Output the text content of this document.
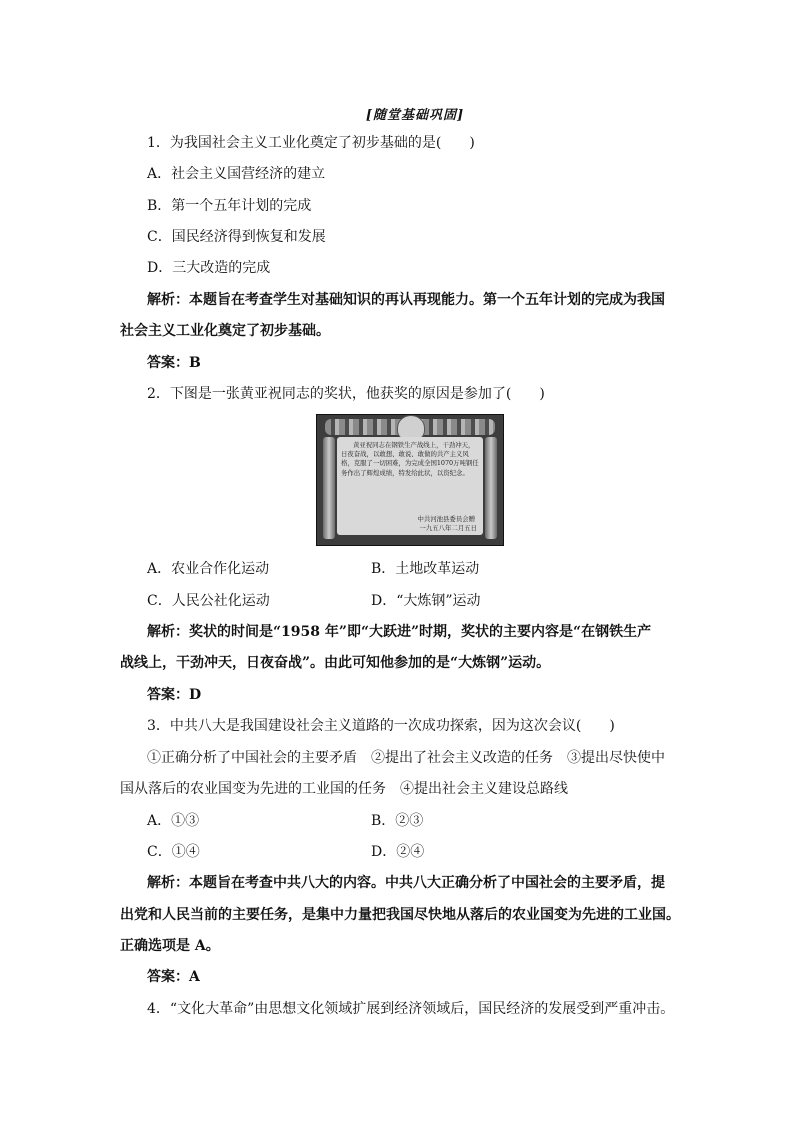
[随堂基础巩固]
1．为我国社会主义工业化奠定了初步基础的是(　　)
A．社会主义国营经济的建立
B．第一个五年计划的完成
C．国民经济得到恢复和发展
D．三大改造的完成
解析：本题旨在考查学生对基础知识的再认再现能力。第一个五年计划的完成为我国
社会主义工业化奠定了初步基础。
答案：B
2．下图是一张黄亚祝同志的奖状，他获奖的原因是参加了(　　)
黄亚祝同志在钢铁生产战线上，干劲冲天，日夜奋战，以敢想、敢说、敢做的共产主义风格，克服了一切困难，为完成全国1070万吨钢任务作出了辉煌成绩，特发给此状，以资纪念。
中共河池县委员会赠
一九五八年二月五日
A．农业合作化运动	B．土地改革运动
C．人民公社化运动	D．“大炼钢”运动
解析：奖状的时间是“1958 年”即“大跃进”时期，奖状的主要内容是“在钢铁生产
战线上，干劲冲天，日夜奋战”。由此可知他参加的是“大炼钢”运动。
答案：D
3．中共八大是我国建设社会主义道路的一次成功探索，因为这次会议(　　)
①正确分析了中国社会的主要矛盾　②提出了社会主义改造的任务　③提出尽快使中
国从落后的农业国变为先进的工业国的任务　④提出社会主义建设总路线
A．①③	B．②③
C．①④	D．②④
解析：本题旨在考查中共八大的内容。中共八大正确分析了中国社会的主要矛盾，提
出党和人民当前的主要任务，是集中力量把我国尽快地从落后的农业国变为先进的工业国。
正确选项是 A。
答案：A
4．“文化大革命”由思想文化领域扩展到经济领域后，国民经济的发展受到严重冲击。
